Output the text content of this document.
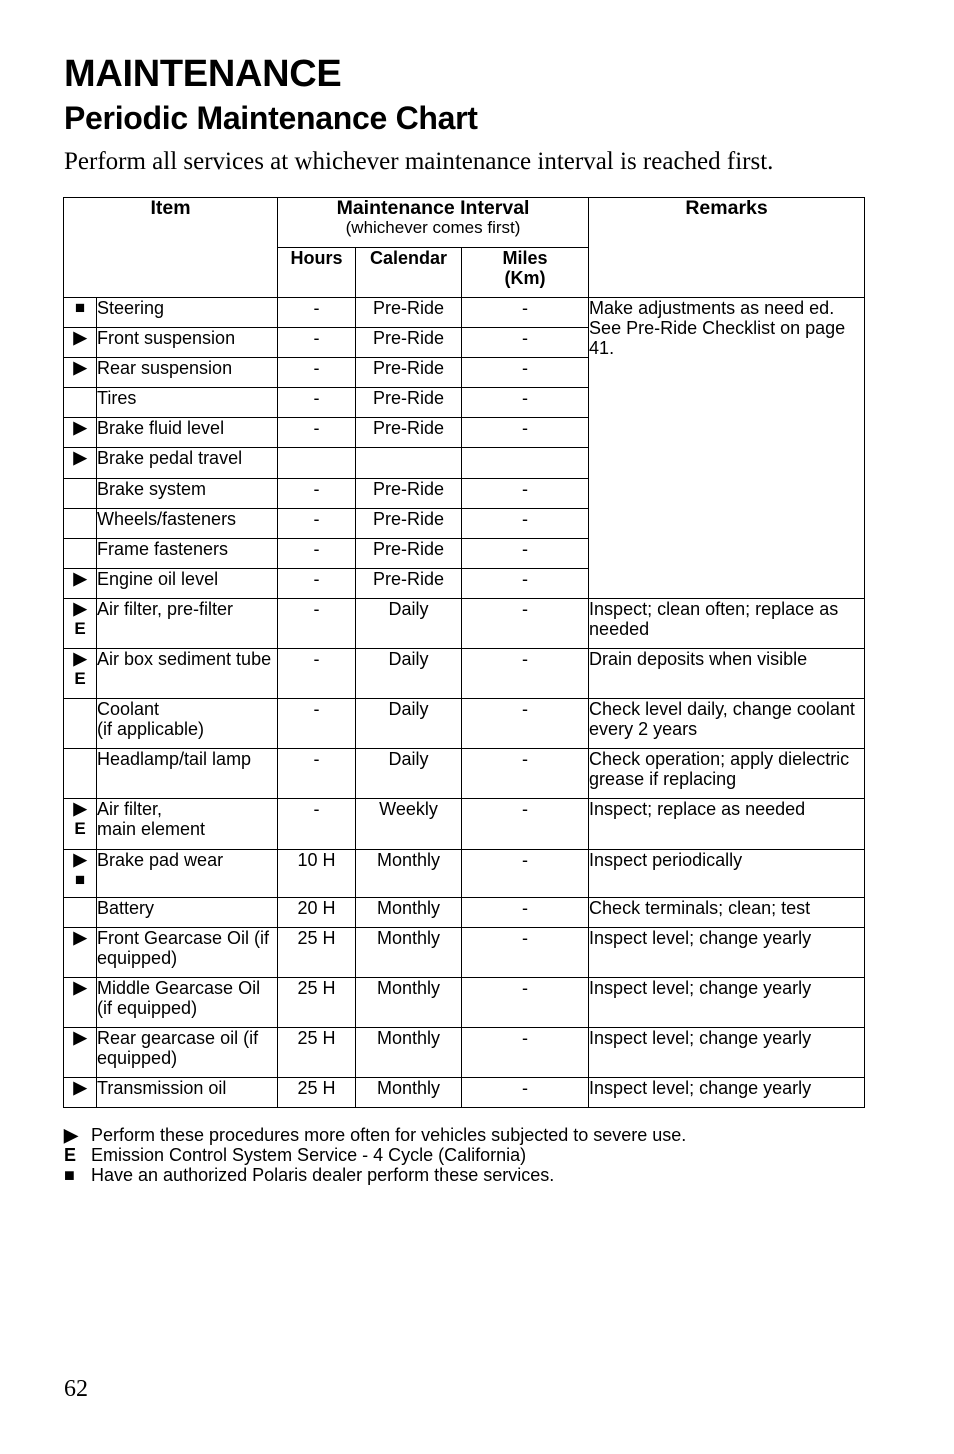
MAINTENANCE
Periodic Maintenance Chart

Perform all services at whichever maintenance interval is reached first.

Item		Maintenance Interval
(whichever comes first)			Remarks
		Hours	Calendar	Miles
(Km)	
■	Steering	-	Pre-Ride	-	Make adjustments as need ed. See Pre-Ride Checklist on page 41.
▶	Front suspension	-	Pre-Ride	-	
▶	Rear suspension	-	Pre-Ride	-	
	Tires	-	Pre-Ride	-	
▶	Brake fluid level	-	Pre-Ride	-	
▶	Brake pedal travel				
	Brake system	-	Pre-Ride	-	
	Wheels/fasteners	-	Pre-Ride	-	
	Frame fasteners	-	Pre-Ride	-	
▶	Engine oil level	-	Pre-Ride	-	
▶
E	Air filter, pre-filter	-	Daily	-	Inspect; clean often; replace as needed
▶
E	Air box sediment tube	-	Daily	-	Drain deposits when visible
	Coolant
(if applicable)	-	Daily	-	Check level daily, change coolant every 2 years
	Headlamp/tail lamp	-	Daily	-	Check operation; apply dielectric grease if replacing
▶
E	Air filter,
main element	-	Weekly	-	Inspect; replace as needed
▶
■	Brake pad wear	10 H	Monthly	-	Inspect periodically
	Battery	20 H	Monthly	-	Check terminals; clean; test
▶	Front Gearcase Oil (if equipped)	25 H	Monthly	-	Inspect level; change yearly
▶	Middle Gearcase Oil (if equipped)	25 H	Monthly	-	Inspect level; change yearly
▶	Rear gearcase oil (if equipped)	25 H	Monthly	-	Inspect level; change yearly
▶	Transmission oil	25 H	Monthly	-	Inspect level; change yearly
▶ Perform these procedures more often for vehicles subjected to severe use.
E Emission Control System Service - 4 Cycle (California)
■ Have an authorized Polaris dealer perform these services.
62
